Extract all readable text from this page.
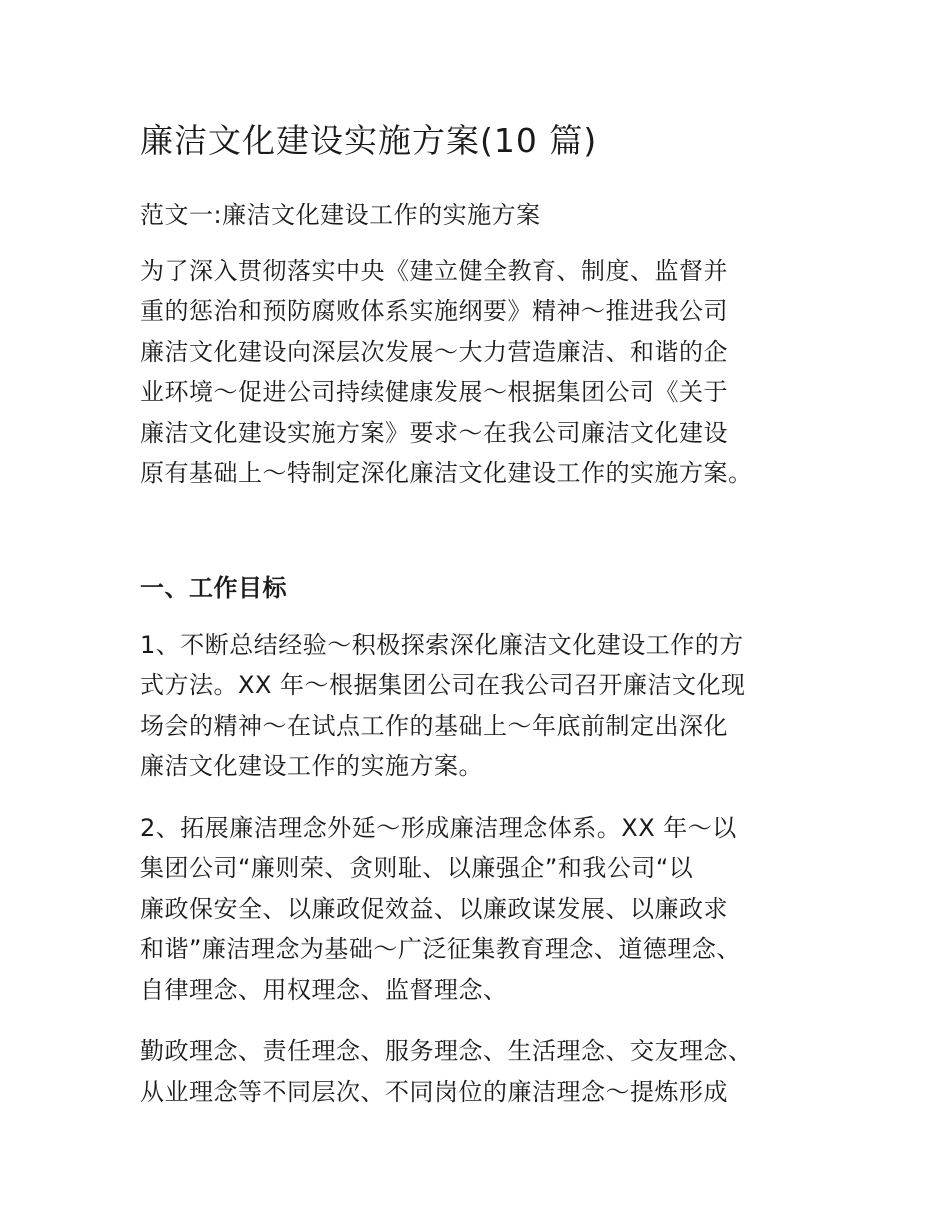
廉洁文化建设实施方案(10 篇)

范文一:廉洁文化建设工作的实施方案

为了深入贯彻落实中央《建立健全教育、制度、监督并
重的惩治和预防腐败体系实施纲要》精神～推进我公司
廉洁文化建设向深层次发展～大力营造廉洁、和谐的企
业环境～促进公司持续健康发展～根据集团公司《关于
廉洁文化建设实施方案》要求～在我公司廉洁文化建设
原有基础上～特制定深化廉洁文化建设工作的实施方案。

一、工作目标

1、不断总结经验～积极探索深化廉洁文化建设工作的方
式方法。XX 年～根据集团公司在我公司召开廉洁文化现
场会的精神～在试点工作的基础上～年底前制定出深化
廉洁文化建设工作的实施方案。

2、拓展廉洁理念外延～形成廉洁理念体系。XX 年～以
集团公司“廉则荣、贪则耻、以廉强企”和我公司“以
廉政保安全、以廉政促效益、以廉政谋发展、以廉政求
和谐”廉洁理念为基础～广泛征集教育理念、道德理念、
自律理念、用权理念、监督理念、

勤政理念、责任理念、服务理念、生活理念、交友理念、
从业理念等不同层次、不同岗位的廉洁理念～提炼形成
